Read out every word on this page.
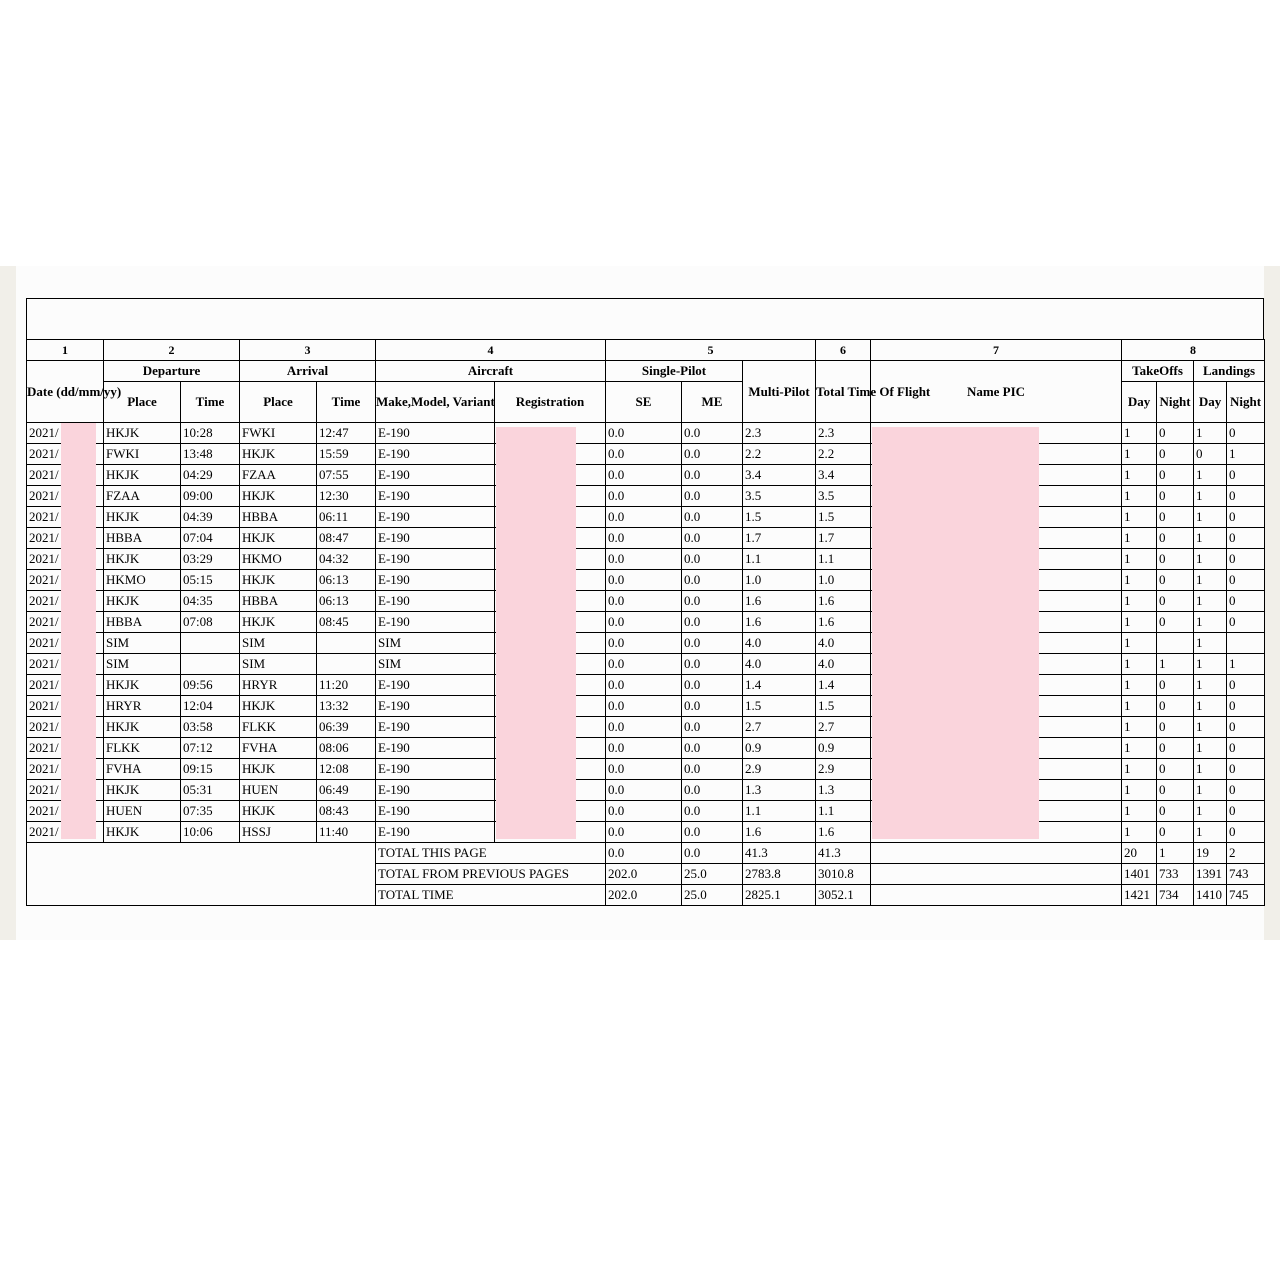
1	2		3		4		5			6	7	8			
Date (dd/mm/yy)	Departure		Arrival		Aircraft		Single-Pilot		Multi-Pilot	Total Time Of Flight	Name PIC	TakeOffs		Landings	
	Place	Time	Place	Time	Make,Model, Variant	Registration	SE	ME				Day	Night	Day	Night
2021/	HKJK	10:28	FWKI	12:47	E-190		0.0	0.0	2.3	2.3		1	0	1	0
2021/	FWKI	13:48	HKJK	15:59	E-190		0.0	0.0	2.2	2.2		1	0	0	1
2021/	HKJK	04:29	FZAA	07:55	E-190		0.0	0.0	3.4	3.4		1	0	1	0
2021/	FZAA	09:00	HKJK	12:30	E-190		0.0	0.0	3.5	3.5		1	0	1	0
2021/	HKJK	04:39	HBBA	06:11	E-190		0.0	0.0	1.5	1.5		1	0	1	0
2021/	HBBA	07:04	HKJK	08:47	E-190		0.0	0.0	1.7	1.7		1	0	1	0
2021/	HKJK	03:29	HKMO	04:32	E-190		0.0	0.0	1.1	1.1		1	0	1	0
2021/	HKMO	05:15	HKJK	06:13	E-190		0.0	0.0	1.0	1.0		1	0	1	0
2021/	HKJK	04:35	HBBA	06:13	E-190		0.0	0.0	1.6	1.6		1	0	1	0
2021/	HBBA	07:08	HKJK	08:45	E-190		0.0	0.0	1.6	1.6		1	0	1	0
2021/	SIM		SIM		SIM		0.0	0.0	4.0	4.0		1		1	
2021/	SIM		SIM		SIM		0.0	0.0	4.0	4.0		1	1	1	1
2021/	HKJK	09:56	HRYR	11:20	E-190		0.0	0.0	1.4	1.4		1	0	1	0
2021/	HRYR	12:04	HKJK	13:32	E-190		0.0	0.0	1.5	1.5		1	0	1	0
2021/	HKJK	03:58	FLKK	06:39	E-190		0.0	0.0	2.7	2.7		1	0	1	0
2021/	FLKK	07:12	FVHA	08:06	E-190		0.0	0.0	0.9	0.9		1	0	1	0
2021/	FVHA	09:15	HKJK	12:08	E-190		0.0	0.0	2.9	2.9		1	0	1	0
2021/	HKJK	05:31	HUEN	06:49	E-190		0.0	0.0	1.3	1.3		1	0	1	0
2021/	HUEN	07:35	HKJK	08:43	E-190		0.0	0.0	1.1	1.1		1	0	1	0
2021/	HKJK	10:06	HSSJ	11:40	E-190		0.0	0.0	1.6	1.6		1	0	1	0
					TOTAL THIS PAGE		0.0	0.0	41.3	41.3		20	1	19	2
					TOTAL FROM PREVIOUS PAGES		202.0	25.0	2783.8	3010.8		1401	733	1391	743
					TOTAL TIME		202.0	25.0	2825.1	3052.1		1421	734	1410	745
